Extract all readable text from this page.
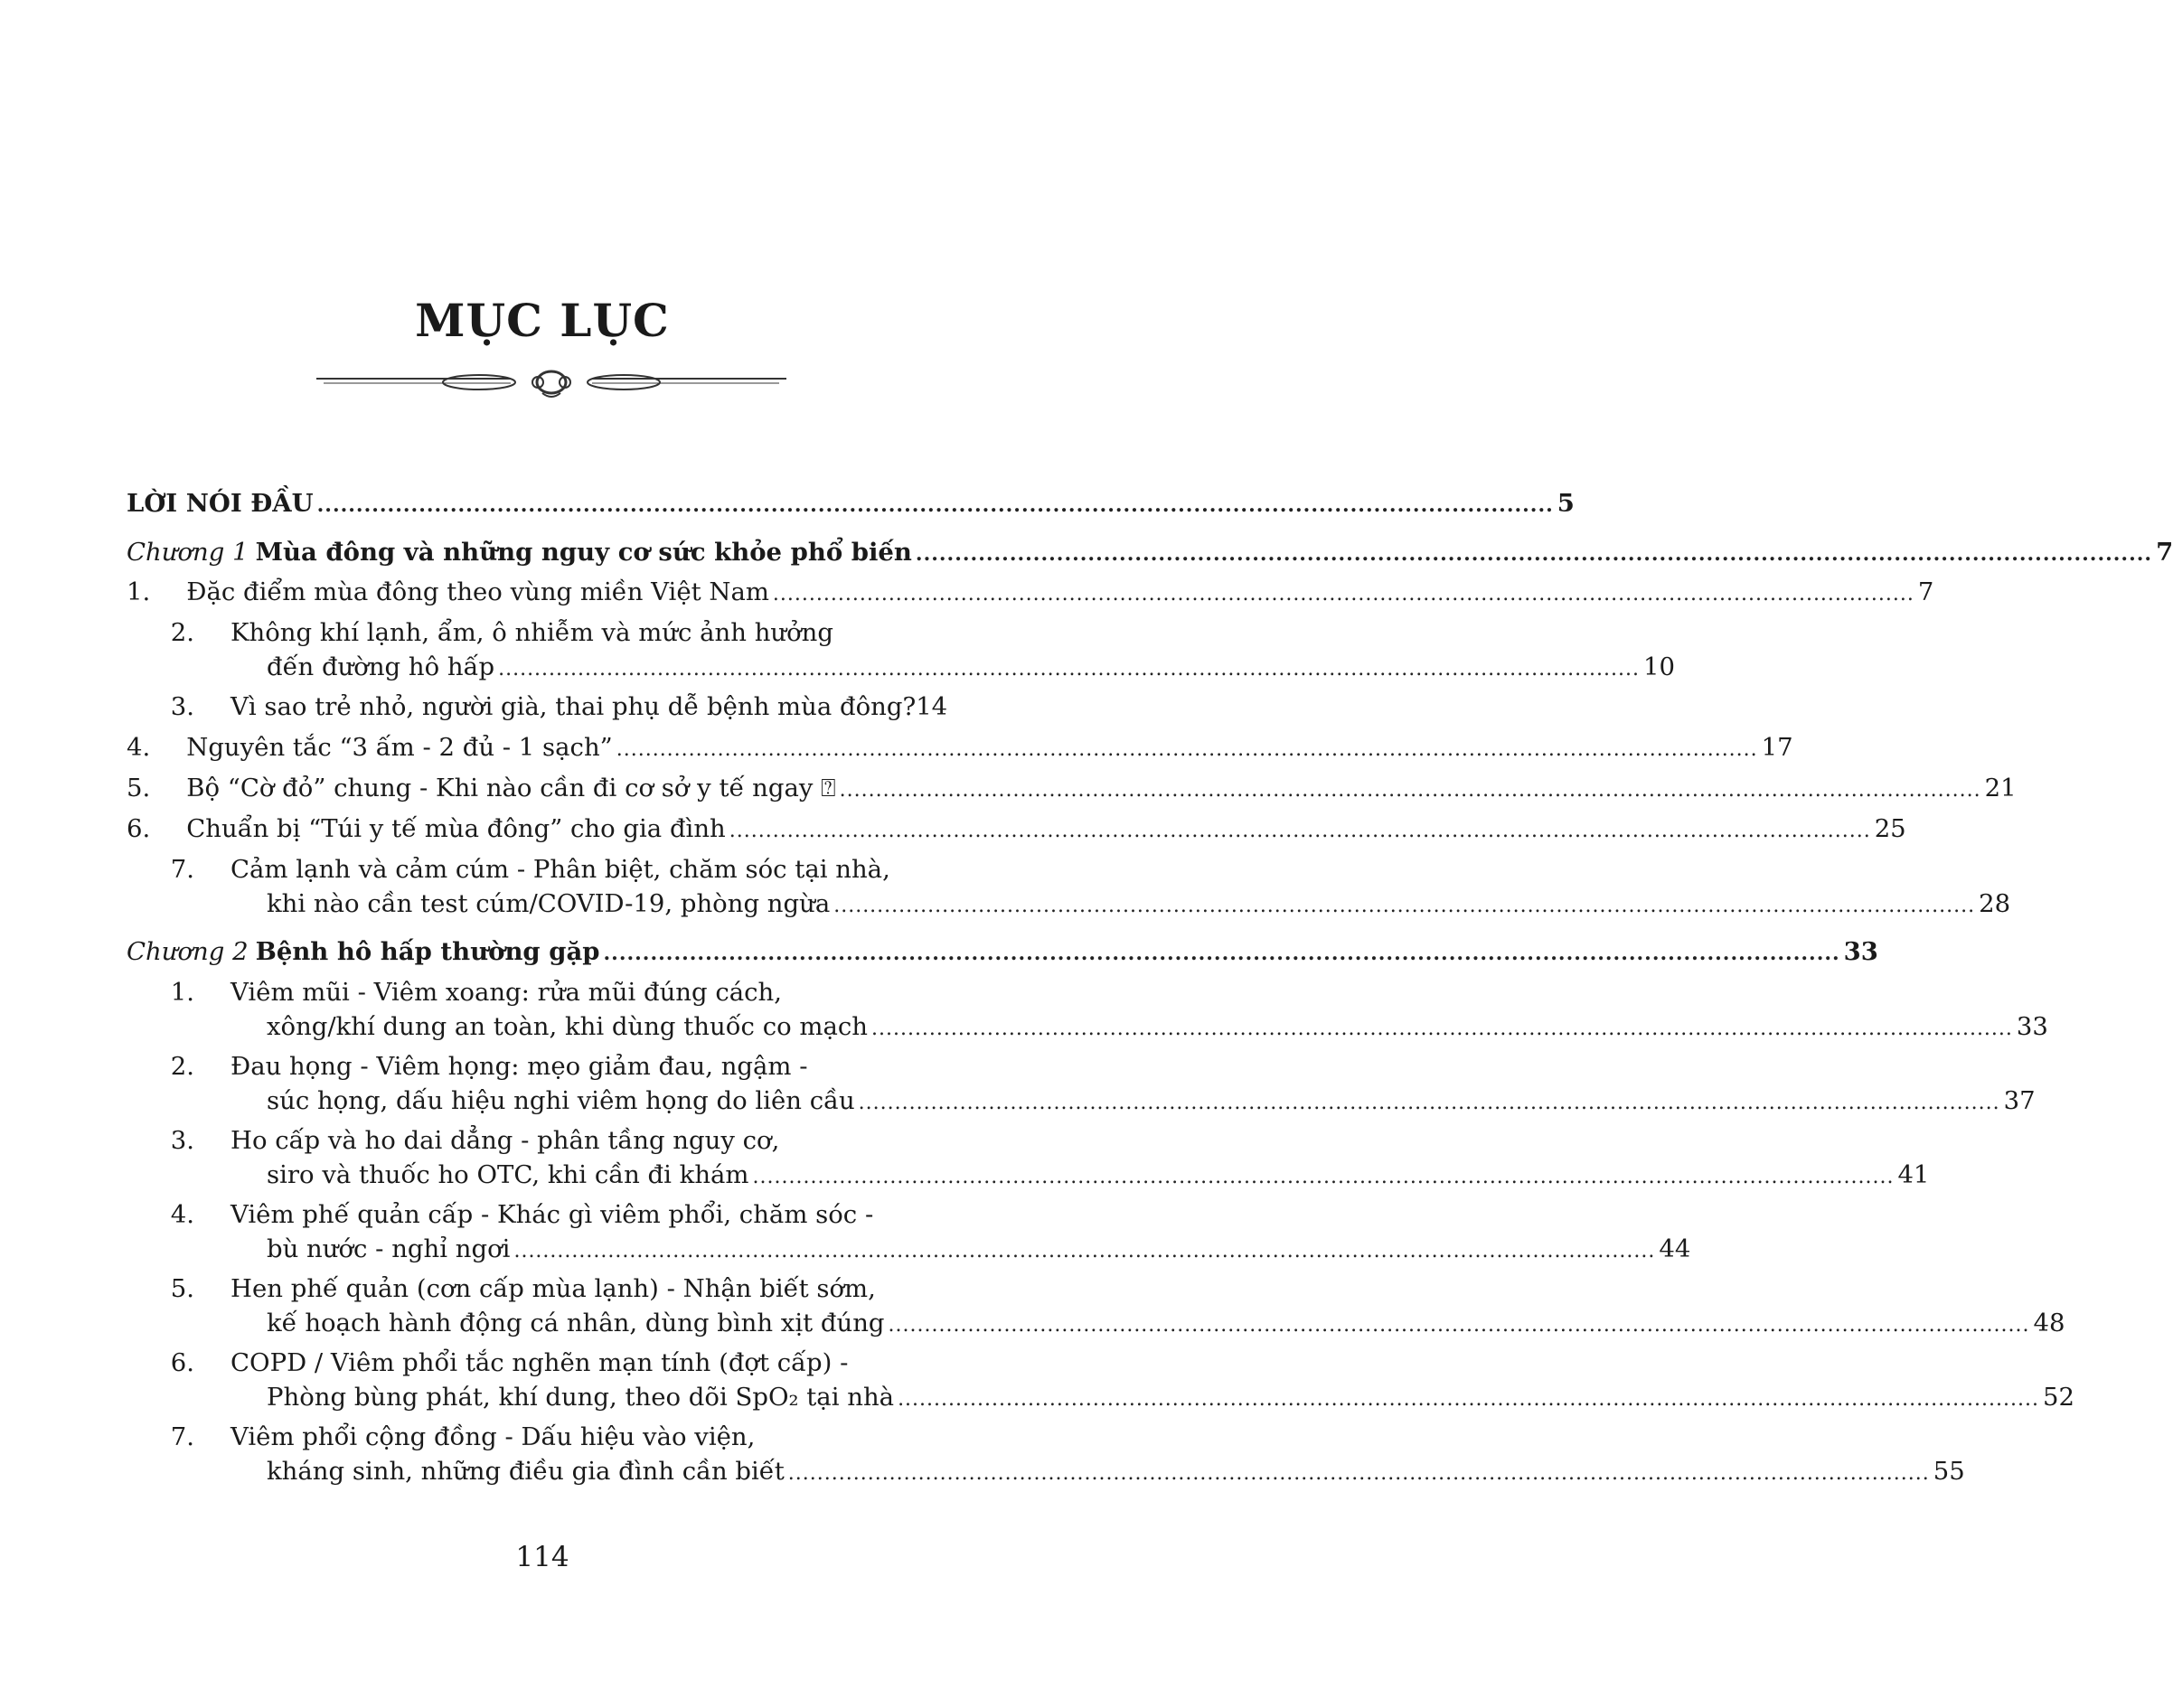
MỤC LỤC
LỜI NÓI ĐẦU .............................................................................................................................................................. 5
Chương 1 Mùa đông và những nguy cơ sức khỏe phổ biến .............................................................................................................................................................. 7
1.	Đặc điểm mùa đông theo vùng miền Việt Nam .............................................................................................................................................................. 7
2.	Không khí lạnh, ẩm, ô nhiễm và mức ảnh hưởng
đến đường hô hấp .............................................................................................................................................................. 10
3.	Vì sao trẻ nhỏ, người già, thai phụ dễ bệnh mùa đông? 14
4.	Nguyên tắc “3 ấm - 2 đủ - 1 sạch” .............................................................................................................................................................. 17
5.	Bộ “Cờ đỏ” chung - Khi nào cần đi cơ sở y tế ngay ⍰ .............................................................................................................................................................. 21
6.	Chuẩn bị “Túi y tế mùa đông” cho gia đình .............................................................................................................................................................. 25
7.	Cảm lạnh và cảm cúm - Phân biệt, chăm sóc tại nhà,
khi nào cần test cúm/COVID-19, phòng ngừa .............................................................................................................................................................. 28
Chương 2 Bệnh hô hấp thường gặp .............................................................................................................................................................. 33
1.	Viêm mũi - Viêm xoang: rửa mũi đúng cách,
xông/khí dung an toàn, khi dùng thuốc co mạch .............................................................................................................................................................. 33
2.	Đau họng - Viêm họng: mẹo giảm đau, ngậm -
súc họng, dấu hiệu nghi viêm họng do liên cầu .............................................................................................................................................................. 37
3.	Ho cấp và ho dai dẳng - phân tầng nguy cơ,
siro và thuốc ho OTC, khi cần đi khám .............................................................................................................................................................. 41
4.	Viêm phế quản cấp - Khác gì viêm phổi, chăm sóc -
bù nước - nghỉ ngơi .............................................................................................................................................................. 44
5.	Hen phế quản (cơn cấp mùa lạnh) - Nhận biết sớm,
kế hoạch hành động cá nhân, dùng bình xịt đúng .............................................................................................................................................................. 48
6.	COPD / Viêm phổi tắc nghẽn mạn tính (đợt cấp) -
Phòng bùng phát, khí dung, theo dõi SpO₂ tại nhà .............................................................................................................................................................. 52
7.	Viêm phổi cộng đồng - Dấu hiệu vào viện,
kháng sinh, những điều gia đình cần biết .............................................................................................................................................................. 55
114
